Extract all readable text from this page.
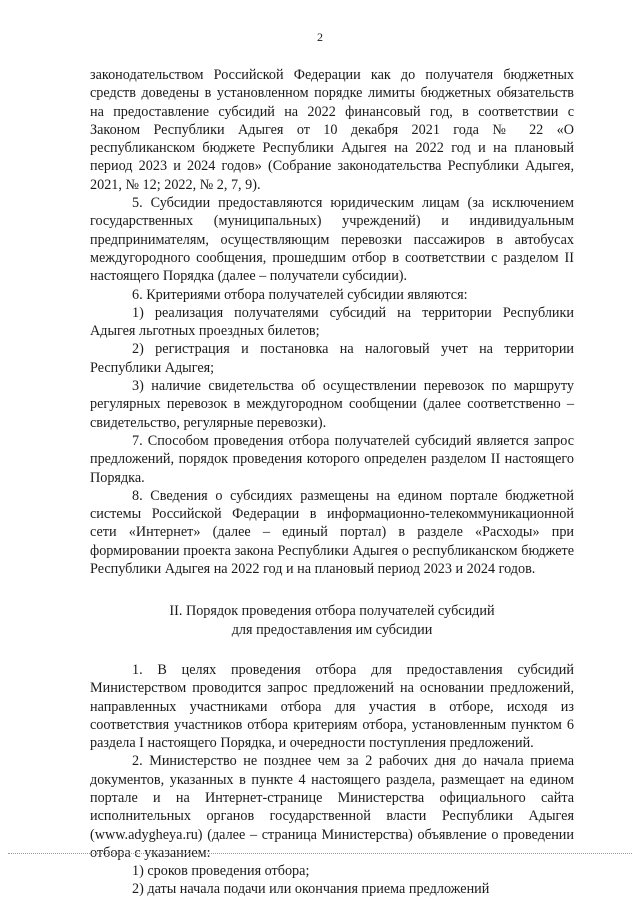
2

законодательством Российской Федерации как до получателя бюджетных средств доведены в установленном порядке лимиты бюджетных обязательств на предоставление субсидий на 2022 финансовый год, в соответствии с Законом Республики Адыгея от 10 декабря 2021 года № 22 «О республиканском бюджете Республики Адыгея на 2022 год и на плановый период 2023 и 2024 годов» (Собрание законодательства Республики Адыгея, 2021, № 12; 2022, № 2, 7, 9).

5. Субсидии предоставляются юридическим лицам (за исключением государственных (муниципальных) учреждений) и индивидуальным предпринимателям, осуществляющим перевозки пассажиров в автобусах междугородного сообщения, прошедшим отбор в соответствии с разделом II настоящего Порядка (далее – получатели субсидии).

6. Критериями отбора получателей субсидии являются:

1) реализация получателями субсидий на территории Республики Адыгея льготных проездных билетов;

2) регистрация и постановка на налоговый учет на территории Республики Адыгея;

3) наличие свидетельства об осуществлении перевозок по маршруту регулярных перевозок в междугородном сообщении (далее соответственно – свидетельство, регулярные перевозки).

7. Способом проведения отбора получателей субсидий является запрос предложений, порядок проведения которого определен разделом II настоящего Порядка.

8. Сведения о субсидиях размещены на едином портале бюджетной системы Российской Федерации в информационно-телекоммуникационной сети «Интернет» (далее – единый портал) в разделе «Расходы» при формировании проекта закона Республики Адыгея о республиканском бюджете Республики Адыгея на 2022 год и на плановый период 2023 и 2024 годов.

II. Порядок проведения отбора получателей субсидий
для предоставления им субсидии

1. В целях проведения отбора для предоставления субсидий Министерством проводится запрос предложений на основании предложений, направленных участниками отбора для участия в отборе, исходя из соответствия участников отбора критериям отбора, установленным пунктом 6 раздела I настоящего Порядка, и очередности поступления предложений.

2. Министерство не позднее чем за 2 рабочих дня до начала приема документов, указанных в пункте 4 настоящего раздела, размещает на едином портале и на Интернет-странице Министерства официального сайта исполнительных органов государственной власти Республики Адыгея (www.adygheya.ru) (далее – страница Министерства) объявление о проведении отбора с указанием:

1) сроков проведения отбора;

2) даты начала подачи или окончания приема предложений
